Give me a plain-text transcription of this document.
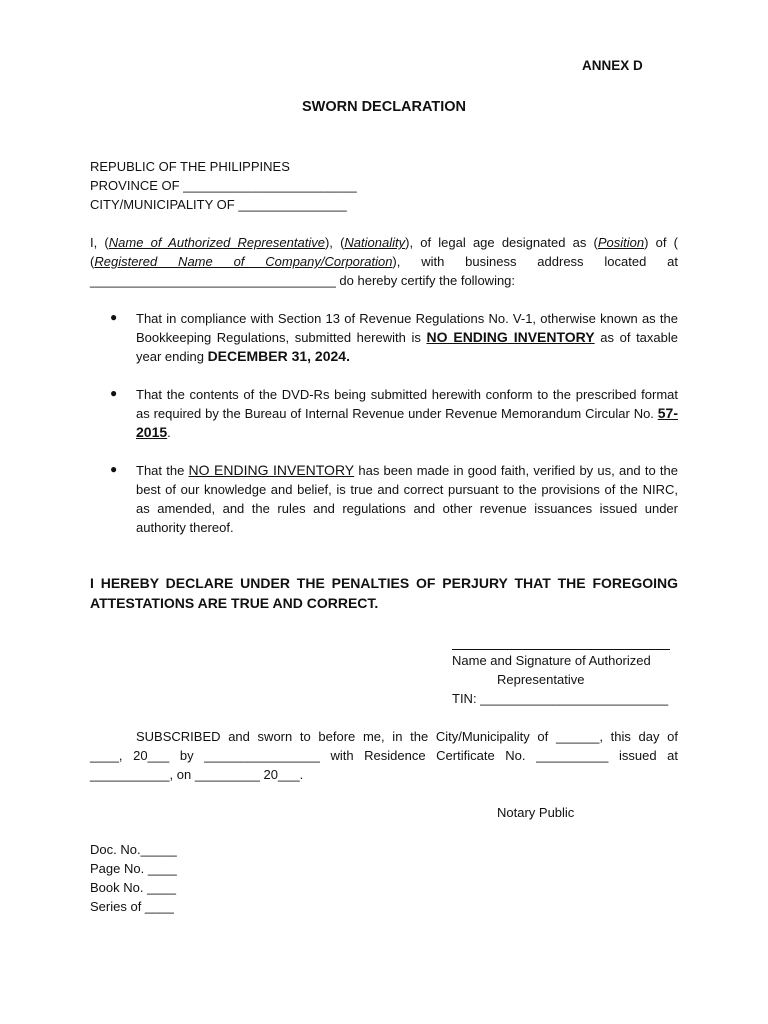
ANNEX D
SWORN DECLARATION
REPUBLIC OF THE PHILIPPINES
PROVINCE OF ________________________
CITY/MUNICIPALITY OF _______________
I, (Name of Authorized Representative), (Nationality), of legal age designated as (Position) of (
(Registered Name of Company/Corporation), with business address located at
__________________________________ do hereby certify the following:
● That in compliance with Section 13 of Revenue Regulations No. V-1, otherwise known as the Bookkeeping Regulations, submitted herewith is NO ENDING INVENTORY as of taxable year ending DECEMBER 31, 2024.
● That the contents of the DVD-Rs being submitted herewith conform to the prescribed format as required by the Bureau of Internal Revenue under Revenue Memorandum Circular No. 57-2015.
● That the NO ENDING INVENTORY has been made in good faith, verified by us, and to the best of our knowledge and belief, is true and correct pursuant to the provisions of the NIRC, as amended, and the rules and regulations and other revenue issuances issued under authority thereof.
I HEREBY DECLARE UNDER THE PENALTIES OF PERJURY THAT THE FOREGOING ATTESTATIONS ARE TRUE AND CORRECT.
Name and Signature of Authorized
Representative
TIN: __________________________
SUBSCRIBED and sworn to before me, in the City/Municipality of ______, this day of
____, 20___ by ________________ with Residence Certificate No. __________ issued at
___________, on _________ 20___.
Notary Public
Doc. No._____
Page No. ____
Book No. ____
Series of ____
